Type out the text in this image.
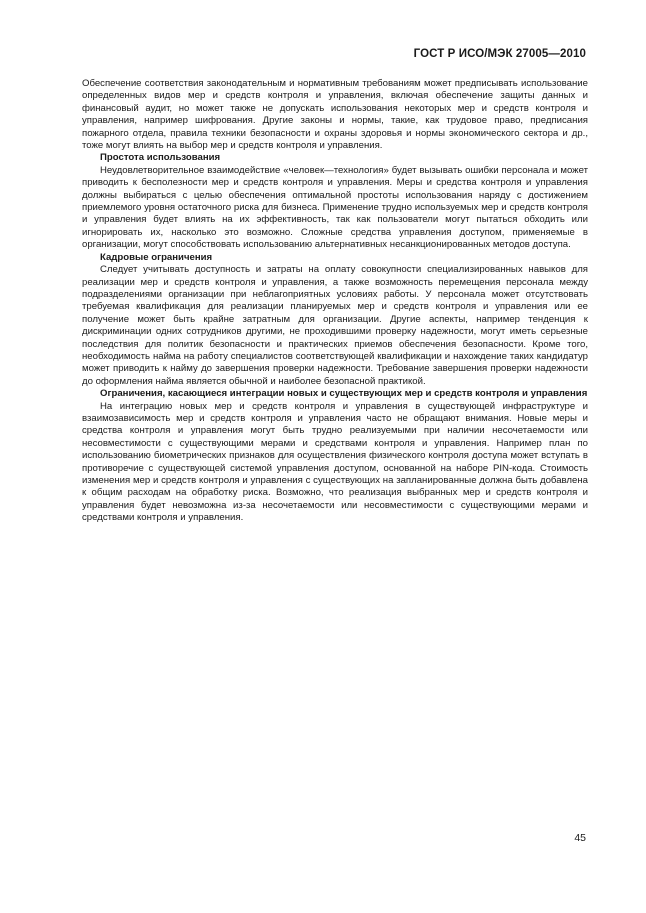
ГОСТ Р ИСО/МЭК 27005—2010

Обеспечение соответствия законодательным и нормативным требованиям может предписывать использование определенных видов мер и средств контроля и управления, включая обеспечение защиты данных и финансовый аудит, но может также не допускать использования некоторых мер и средств контроля и управления, например шифрования. Другие законы и нормы, такие, как трудовое право, предписания пожарного отдела, правила техники безопасности и охраны здоровья и нормы экономического сектора и др., тоже могут влиять на выбор мер и средств контроля и управления.

Простота использования

Неудовлетворительное взаимодействие «человек—технология» будет вызывать ошибки персонала и может приводить к бесполезности мер и средств контроля и управления. Меры и средства контроля и управления должны выбираться с целью обеспечения оптимальной простоты использования наряду с достижением приемлемого уровня остаточного риска для бизнеса. Применение трудно используемых мер и средств контроля и управления будет влиять на их эффективность, так как пользователи могут пытаться обходить или игнорировать их, насколько это возможно. Сложные средства управления доступом, применяемые в организации, могут способствовать использованию альтернативных несанкционированных методов доступа.

Кадровые ограничения

Следует учитывать доступность и затраты на оплату совокупности специализированных навыков для реализации мер и средств контроля и управления, а также возможность перемещения персонала между подразделениями организации при неблагоприятных условиях работы. У персонала может отсутствовать требуемая квалификация для реализации планируемых мер и средств контроля и управления или ее получение может быть крайне затратным для организации. Другие аспекты, например тенденция к дискриминации одних сотрудников другими, не проходившими проверку надежности, могут иметь серьезные последствия для политик безопасности и практических приемов обеспечения безопасности. Кроме того, необходимость найма на работу специалистов соответствующей квалификации и нахождение таких кандидатур может приводить к найму до завершения проверки надежности. Требование завершения проверки надежности до оформления найма является обычной и наиболее безопасной практикой.

Ограничения, касающиеся интеграции новых и существующих мер и средств контроля и управления

На интеграцию новых мер и средств контроля и управления в существующей инфраструктуре и взаимозависимость мер и средств контроля и управления часто не обращают внимания. Новые меры и средства контроля и управления могут быть трудно реализуемыми при наличии несочетаемости или несовместимости с существующими мерами и средствами контроля и управления. Например план по использованию биометрических признаков для осуществления физического контроля доступа может вступать в противоречие с существующей системой управления доступом, основанной на наборе PIN-кода. Стоимость изменения мер и средств контроля и управления с существующих на запланированные должна быть добавлена к общим расходам на обработку риска. Возможно, что реализация выбранных мер и средств контроля и управления будет невозможна из-за несочетаемости или несовместимости с существующими мерами и средствами контроля и управления.

45
